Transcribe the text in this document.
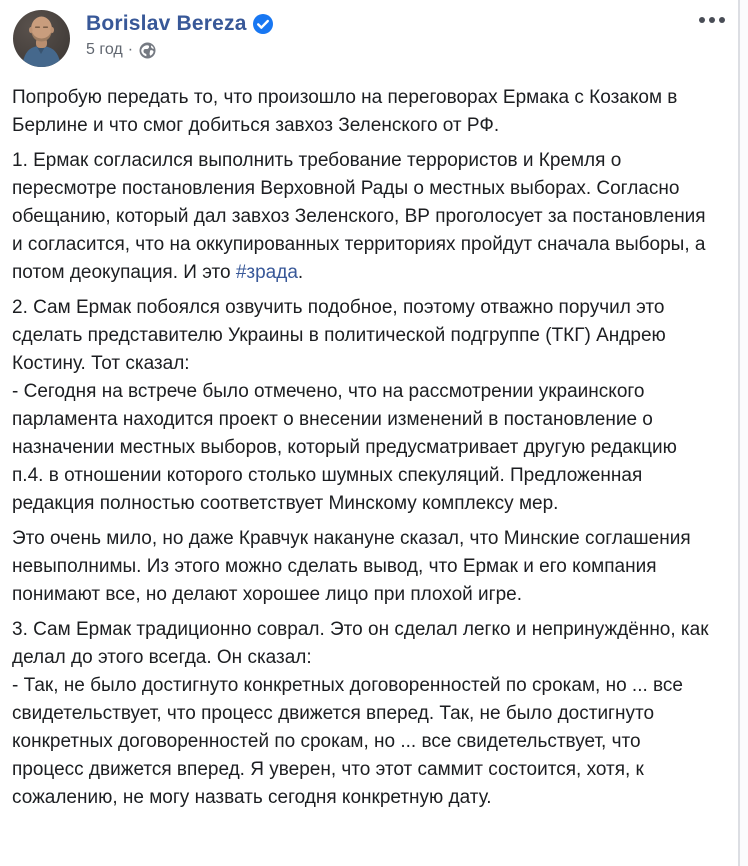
Borislav Bereza
5 год ·
Попробую передать то, что произошло на переговорах Ермака с Козаком в Берлине и что смог добиться завхоз Зеленского от РФ.
1. Ермак согласился выполнить требование террористов и Кремля о пересмотре постановления Верховной Рады о местных выборах. Согласно обещанию, который дал завхоз Зеленского, ВР проголосует за постановления и согласится, что на оккупированных территориях пройдут сначала выборы, а потом деокупация. И это #зрада.
2. Сам Ермак побоялся озвучить подобное, поэтому отважно поручил это сделать представителю Украины в политической подгруппе (ТКГ) Андрею Костину. Тот сказал:
- Сегодня на встрече было отмечено, что на рассмотрении украинского парламента находится проект о внесении изменений в постановление о назначении местных выборов, который предусматривает другую редакцию п.4. в отношении которого столько шумных спекуляций. Предложенная редакция полностью соответствует Минскому комплексу мер.
Это очень мило, но даже Кравчук накануне сказал, что Минские соглашения невыполнимы. Из этого можно сделать вывод, что Ермак и его компания понимают все, но делают хорошее лицо при плохой игре.
3. Сам Ермак традиционно соврал. Это он сделал легко и непринуждённо, как делал до этого всегда. Он сказал:
- Так, не было достигнуто конкретных договоренностей по срокам, но ... все свидетельствует, что процесс движется вперед. Так, не было достигнуто конкретных договоренностей по срокам, но ... все свидетельствует, что процесс движется вперед. Я уверен, что этот саммит состоится, хотя, к сожалению, не могу назвать сегодня конкретную дату.
